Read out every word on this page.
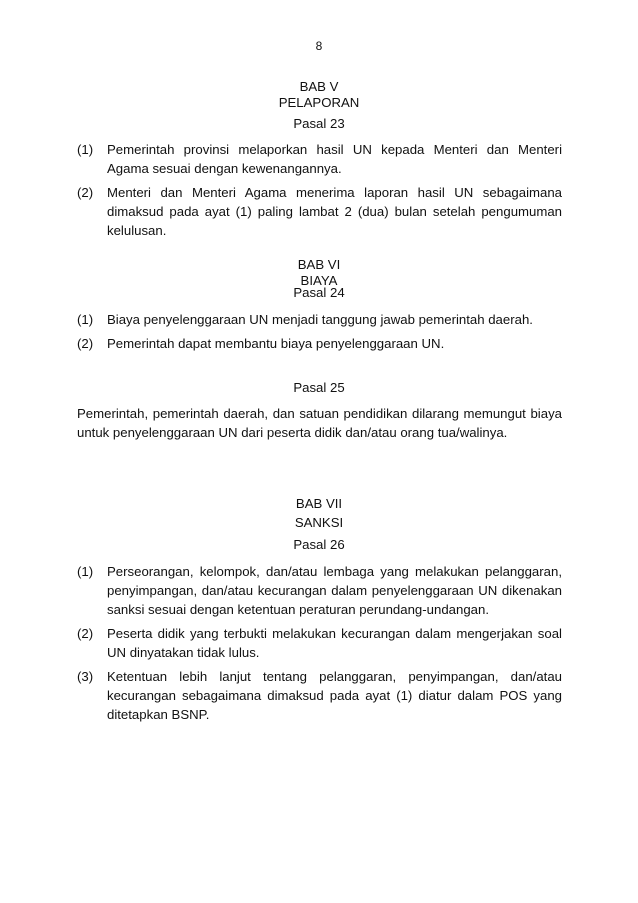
8
BAB V
PELAPORAN
Pasal 23
(1)	Pemerintah provinsi melaporkan hasil UN kepada Menteri dan Menteri Agama sesuai dengan kewenangannya.
(2)	Menteri dan Menteri Agama menerima laporan hasil UN sebagaimana dimaksud pada ayat (1) paling lambat 2 (dua) bulan setelah pengumuman kelulusan.
BAB VI
BIAYA
Pasal 24
(1)	Biaya penyelenggaraan UN menjadi tanggung jawab pemerintah daerah.
(2)	Pemerintah dapat membantu biaya penyelenggaraan UN.
Pasal 25
Pemerintah, pemerintah daerah, dan satuan pendidikan dilarang memungut biaya untuk penyelenggaraan UN dari peserta didik dan/atau orang tua/walinya.
BAB VII
SANKSI
Pasal 26
(1)	Perseorangan, kelompok, dan/atau lembaga yang melakukan pelanggaran, penyimpangan, dan/atau kecurangan dalam penyelenggaraan UN dikenakan sanksi sesuai dengan ketentuan peraturan perundang-undangan.
(2)	Peserta didik yang terbukti melakukan kecurangan dalam mengerjakan soal UN dinyatakan tidak lulus.
(3)	Ketentuan lebih lanjut tentang pelanggaran, penyimpangan, dan/atau kecurangan sebagaimana dimaksud pada ayat (1) diatur dalam POS yang ditetapkan BSNP.
